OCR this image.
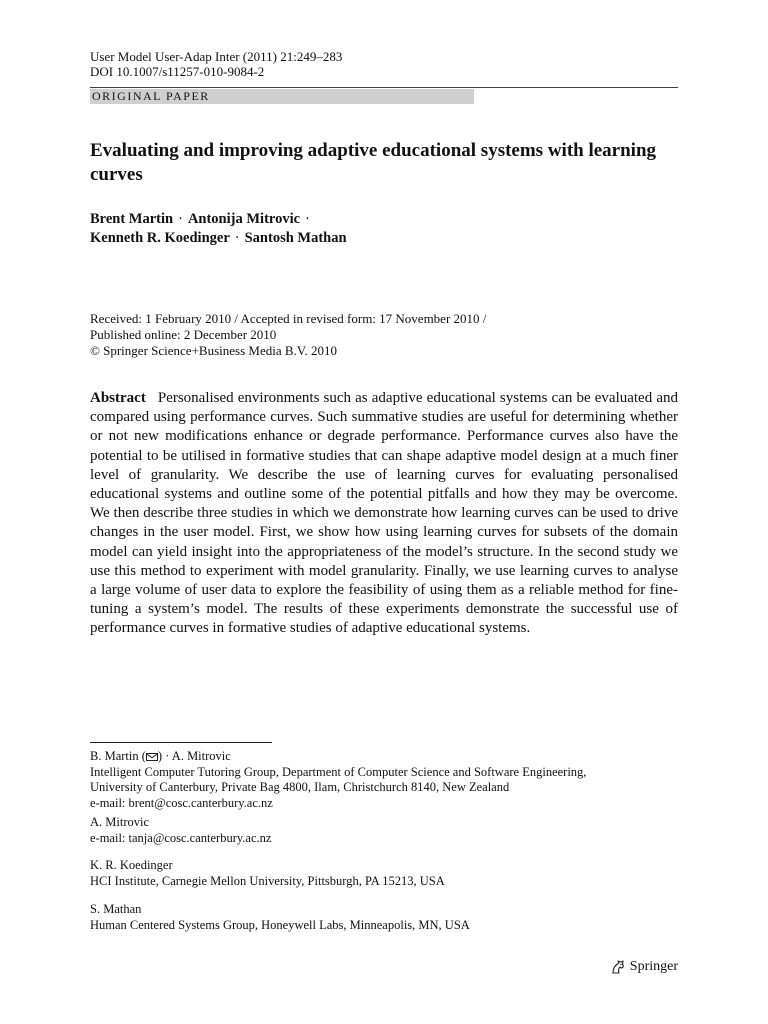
User Model User-Adap Inter (2011) 21:249–283
DOI 10.1007/s11257-010-9084-2
ORIGINAL PAPER
Evaluating and improving adaptive educational systems with learning curves
Brent Martin · Antonija Mitrovic ·
Kenneth R. Koedinger · Santosh Mathan
Received: 1 February 2010 / Accepted in revised form: 17 November 2010 /
Published online: 2 December 2010
© Springer Science+Business Media B.V. 2010

Abstract Personalised environments such as adaptive educational systems can be evaluated and compared using performance curves. Such summative studies are useful for determining whether or not new modifications enhance or degrade performance. Performance curves also have the potential to be utilised in formative studies that can shape adaptive model design at a much finer level of granularity. We describe the use of learning curves for evaluating personalised educational systems and outline some of the potential pitfalls and how they may be overcome. We then describe three studies in which we demonstrate how learning curves can be used to drive changes in the user model. First, we show how using learning curves for subsets of the domain model can yield insight into the appropriateness of the model’s structure. In the second study we use this method to experiment with model granularity. Finally, we use learning curves to analyse a large volume of user data to explore the feasibility of using them as a reliable method for fine-tuning a system’s model. The results of these experiments demonstrate the successful use of performance curves in formative studies of adaptive educational systems.

B. Martin ( ) · A. Mitrovic
Intelligent Computer Tutoring Group, Department of Computer Science and Software Engineering,
University of Canterbury, Private Bag 4800, Ilam, Christchurch 8140, New Zealand
e-mail: brent@cosc.canterbury.ac.nz
A. Mitrovic
e-mail: tanja@cosc.canterbury.ac.nz
K. R. Koedinger
HCI Institute, Carnegie Mellon University, Pittsburgh, PA 15213, USA
S. Mathan
Human Centered Systems Group, Honeywell Labs, Minneapolis, MN, USA
Springer
